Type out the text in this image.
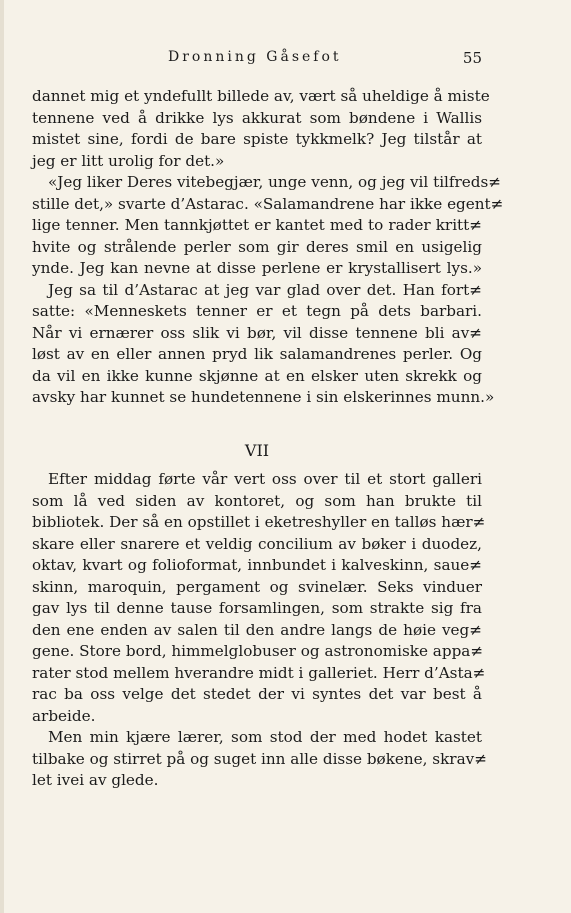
Dronning Gåsefot	55
dannet mig et yndefullt billede av, vært så uheldige å miste
tennene ved å drikke lys akkurat som bøndene i Wallis
mistet sine, fordi de bare spiste tykkmelk? Jeg tilstår at
jeg er litt urolig for det.»
«Jeg liker Deres vitebegjær, unge venn, og jeg vil tilfreds≠
stille det,» svarte d’Astarac. «Salamandrene har ikke egent≠
lige tenner. Men tannkjøttet er kantet med to rader kritt≠
hvite og strålende perler som gir deres smil en usigelig
ynde. Jeg kan nevne at disse perlene er krystallisert lys.»
Jeg sa til d’Astarac at jeg var glad over det. Han fort≠
satte: «Menneskets tenner er et tegn på dets barbari.
Når vi ernærer oss slik vi bør, vil disse tennene bli av≠
løst av en eller annen pryd lik salamandrenes perler. Og
da vil en ikke kunne skjønne at en elsker uten skrekk og
avsky har kunnet se hundetennene i sin elskerinnes munn.»
VII
Efter middag førte vår vert oss over til et stort galleri
som lå ved siden av kontoret, og som han brukte til
bibliotek. Der så en opstillet i eketreshyller en talløs hær≠
skare eller snarere et veldig concilium av bøker i duodez,
oktav, kvart og folioformat, innbundet i kalveskinn, saue≠
skinn, maroquin, pergament og svinelær. Seks vinduer
gav lys til denne tause forsamlingen, som strakte sig fra
den ene enden av salen til den andre langs de høie veg≠
gene. Store bord, himmelglobuser og astronomiske appa≠
rater stod mellem hverandre midt i galleriet. Herr d’Asta≠
rac ba oss velge det stedet der vi syntes det var best å
arbeide.
Men min kjære lærer, som stod der med hodet kastet
tilbake og stirret på og suget inn alle disse bøkene, skrav≠
let ivei av glede.
